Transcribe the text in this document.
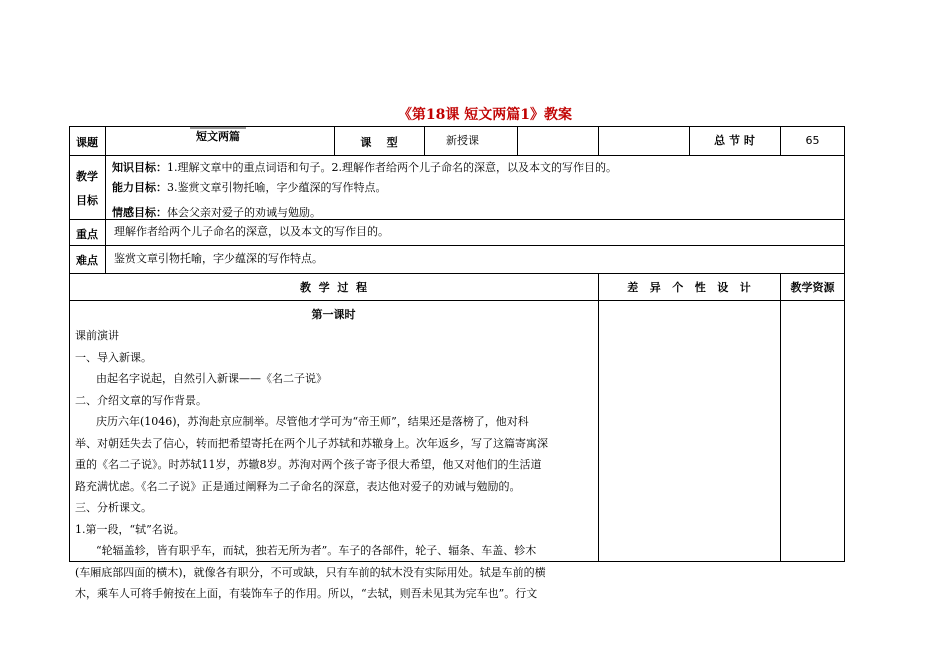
《第18课 短文两篇1》教案
课题	短文两篇	课    型	新授课	总 节 时	65
教学
目标
知识目标：1.理解文章中的重点词语和句子。2.理解作者给两个儿子命名的深意，以及本文的写作目的。
能力目标：3.鉴赏文章引物托喻，字少蕴深的写作特点。
情感目标：体会父亲对爱子的劝诫与勉励。
重点	理解作者给两个儿子命名的深意，以及本文的写作目的。
难点	鉴赏文章引物托喻，字少蕴深的写作特点。
教  学  过  程	差   异   个   性   设   计	教学资源
第一课时
课前演讲
一、导入新课。
由起名字说起，自然引入新课——《名二子说》
二、介绍文章的写作背景。
庆历六年(1046)，苏洵赴京应制举。尽管他才学可为“帝王师”，结果还是落榜了，他对科
举、对朝廷失去了信心，转而把希望寄托在两个儿子苏轼和苏辙身上。次年返乡，写了这篇寄寓深
重的《名二子说》。时苏轼11岁，苏辙8岁。苏洵对两个孩子寄予很大希望，他又对他们的生活道
路充满忧虑。《名二子说》正是通过阐释为二子命名的深意，表达他对爱子的劝诫与勉励的。
三、分析课文。
1.第一段，“轼”名说。
“轮辐盖轸，皆有职乎车，而轼，独若无所为者”。车子的各部件，轮子、辐条、车盖、轸木
(车厢底部四面的横木)，就像各有职分，不可或缺，只有车前的轼木没有实际用处。轼是车前的横
木，乘车人可将手俯按在上面，有装饰车子的作用。所以，“去轼，则吾未见其为完车也”。行文
